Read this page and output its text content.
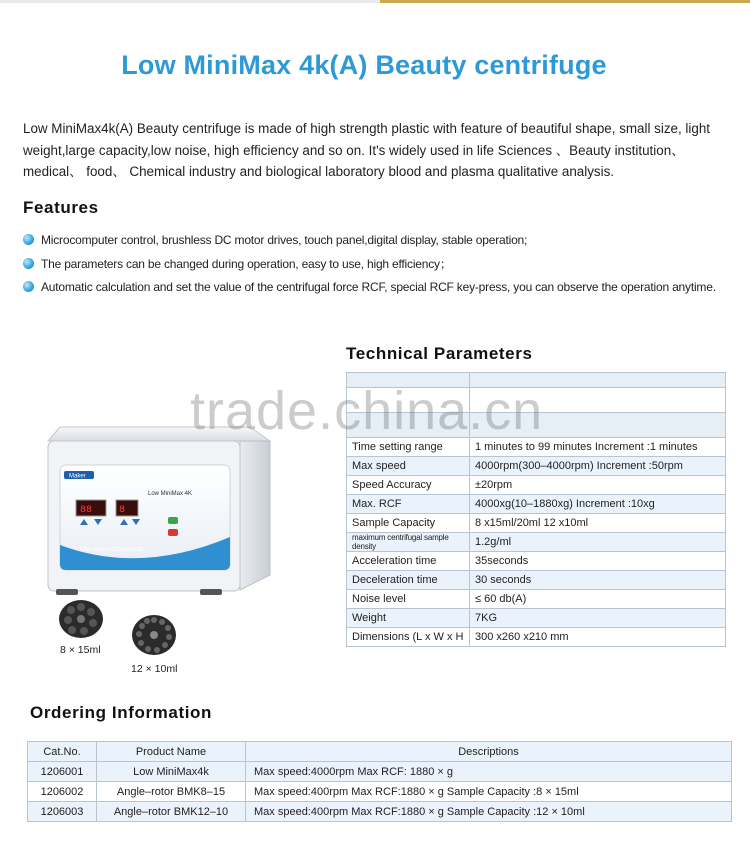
Low MiniMax 4k(A) Beauty centrifuge
Low MiniMax4k(A) Beauty centrifuge is made of high strength plastic with feature of beautiful shape, small size, light weight,large capacity,low noise, high efficiency and so on. It's widely used in life Sciences 、Beauty institution、medical、 food、 Chemical industry and biological laboratory blood and plasma qualitative analysis.
Features
Microcomputer control, brushless DC motor drives, touch panel,digital display, stable operation;
The parameters can be changed during operation, easy to use, high efficiency；
Automatic calculation and set the value of the centrifugal force RCF, special RCF key-press, you can observe the operation anytime.
Maker
Low MiniMax 4K
88	8
LOW SPEED CENTRIFUGE
8 × 15ml
12 × 10ml
Technical Parameters

Time setting range	1 minutes to 99 minutes Increment :1 minutes
Max speed	4000rpm(300–4000rpm) Increment :50rpm
Speed Accuracy	±20rpm
Max. RCF	4000xg(10–1880xg) Increment :10xg
Sample Capacity	8 x15ml/20ml 12 x10ml
maximum centrifugal sample density	1.2g/ml
Acceleration time	35seconds
Deceleration time	30 seconds
Noise level	≤ 60 db(A)
Weight	7KG
Dimensions (L x W x H	300 x260 x210 mm
trade.china.cn
Ordering Information
Cat.No.	Product Name	Descriptions
1206001	Low MiniMax4k	Max speed:4000rpm Max RCF: 1880 × g
1206002	Angle–rotor BMK8–15	Max speed:400rpm Max RCF:1880 × g Sample Capacity :8 × 15ml
1206003	Angle–rotor BMK12–10	Max speed:400rpm Max RCF:1880 × g Sample Capacity :12 × 10ml
